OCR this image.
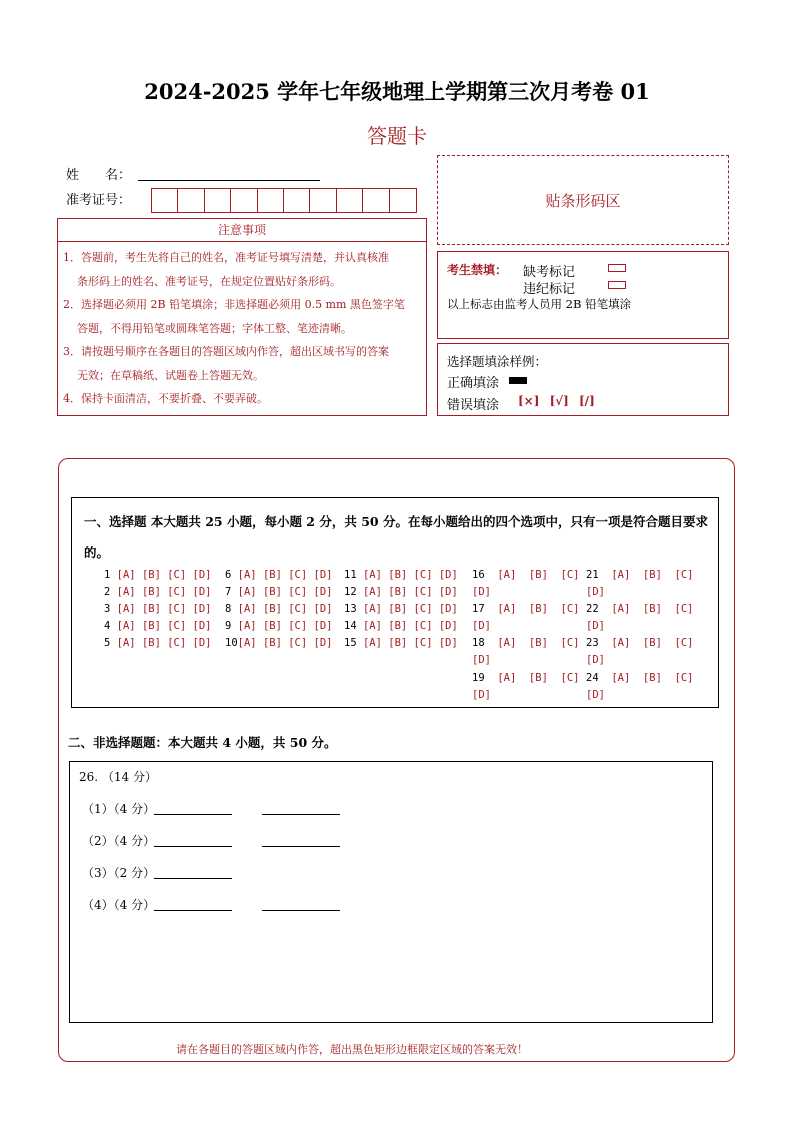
2024-2025 学年七年级地理上学期第三次月考卷 01
答题卡
姓　　名：
准考证号：	贴条形码区
注意事项
1．答题前，考生先将自己的姓名，准考证号填写清楚，并认真核准
条形码上的姓名、准考证号，在规定位置贴好条形码。
2．选择题必须用 2B 铅笔填涂；非选择题必须用 0.5 mm 黑色签字笔
答题，不得用铅笔或圆珠笔答题；字体工整、笔迹清晰。
3．请按题号顺序在各题目的答题区域内作答，超出区域书写的答案
无效；在草稿纸、试题卷上答题无效。
4．保持卡面清洁，不要折叠、不要弄破。
考生禁填： 缺考标记
违纪标记
以上标志由监考人员用 2B 铅笔填涂
选择题填涂样例：
正确填涂
错误填涂 [×] [√] [/]
一、选择题 本大题共 25 小题，每小题 2 分，共 50 分。在每小题给出的四个选项中，只有一项是符合题目要求的。
1 [A] [B] [C] [D]
2 [A] [B] [C] [D]
3 [A] [B] [C] [D]
4 [A] [B] [C] [D]
5 [A] [B] [C] [D]
6 [A] [B] [C] [D]
7 [A] [B] [C] [D]
8 [A] [B] [C] [D]
9 [A] [B] [C] [D]
10[A] [B] [C] [D]
11 [A] [B] [C] [D]
12 [A] [B] [C] [D]
13 [A] [B] [C] [D]
14 [A] [B] [C] [D]
15 [A] [B] [C] [D]
16 [A]  [B]  [C]
[D]
17 [A]  [B]  [C]
[D]
18 [A]  [B]  [C]
[D]
19 [A]  [B]  [C]
[D]
21 [A]  [B]  [C]
[D]
22 [A]  [B]  [C]
[D]
23 [A]  [B]  [C]
[D]
24 [A]  [B]  [C]
[D]
二、非选择题题：本大题共 4 小题，共 50 分。
26. （14 分）
（1）（4 分）
（2）（4 分）
（3）（2 分）
（4）（4 分）
请在各题目的答题区域内作答，超出黑色矩形边框限定区域的答案无效！
